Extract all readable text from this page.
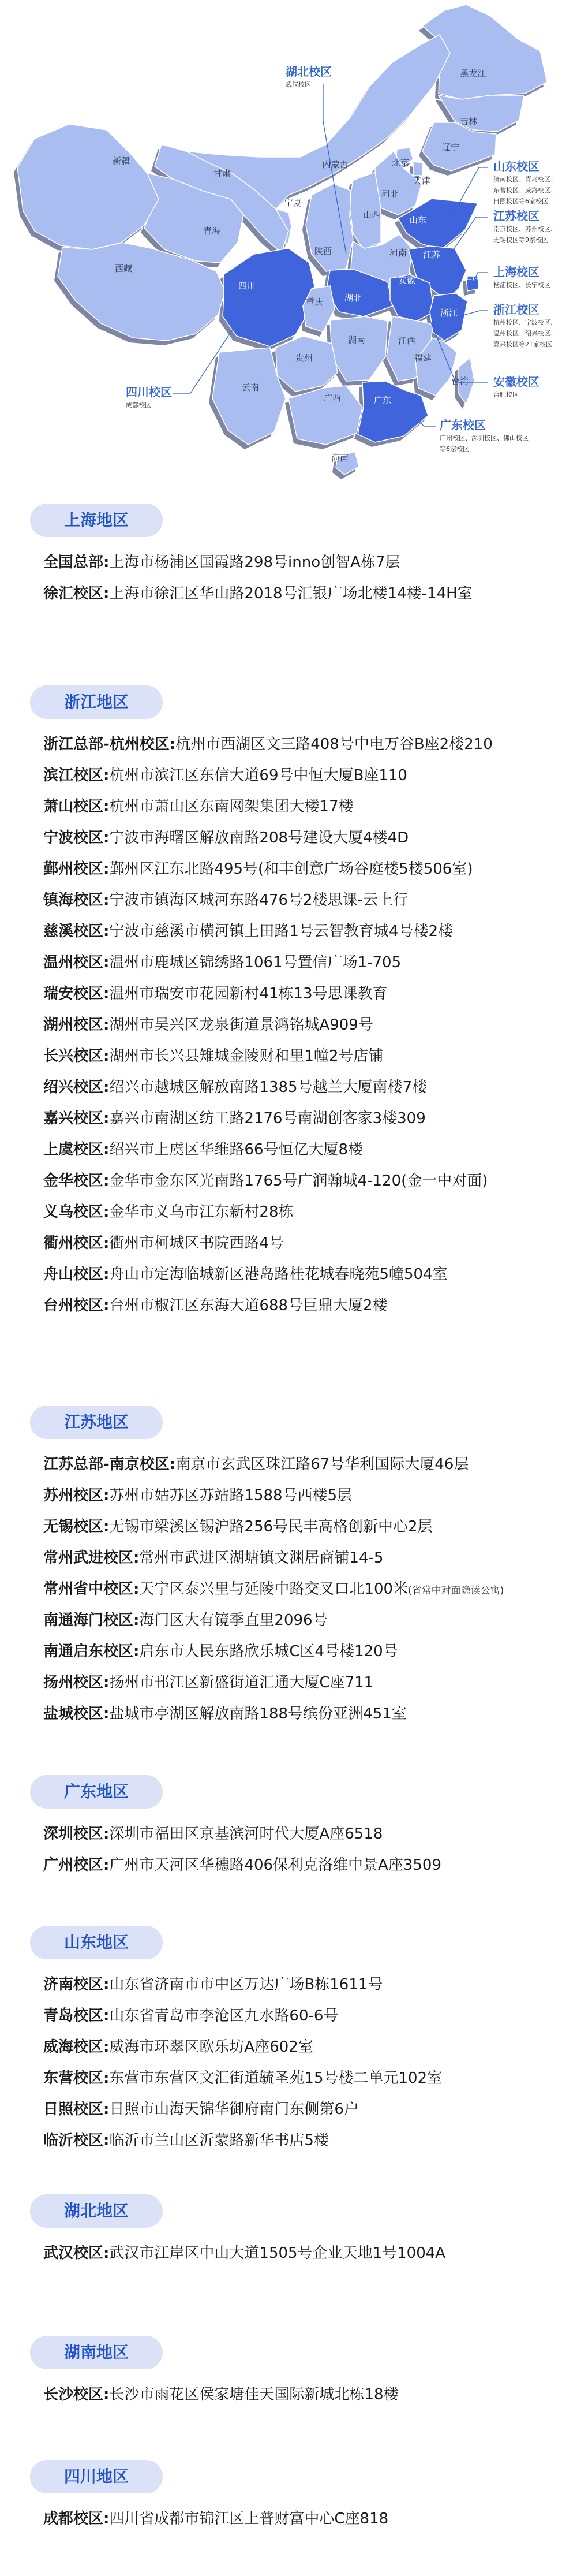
黑龙江
吉林
辽宁
内蒙古	北京
天津
河北
山西	山东
宁夏
陕西	河南 江苏
甘肃
青海
湖北
安徽	上海
新疆
西藏
四川
重庆
湖南	江西
浙江
贵州	福建
云南
广西	广东
台湾
海南
湖北校区
武汉校区
山东校区
济南校区、青岛校区、
东营校区、威海校区、
日照校区等6家校区
江苏校区
南京校区、苏州校区、
无锡校区等9家校区
上海校区
杨浦校区、长宁校区
浙江校区
杭州校区、宁波校区、
温州校区、绍兴校区、
嘉兴校区等21家校区
安徽校区
合肥校区
广东校区
广州校区、深圳校区、佛山校区
等6家校区
四川校区
成都校区
上海地区
全国总部:上海市杨浦区国霞路298号inno创智A栋7层
徐汇校区:上海市徐汇区华山路2018号汇银广场北楼14楼-14H室
浙江地区
浙江总部-杭州校区:杭州市西湖区文三路408号中电万谷B座2楼210
滨江校区:杭州市滨江区东信大道69号中恒大厦B座110
萧山校区:杭州市萧山区东南网架集团大楼17楼
宁波校区:宁波市海曙区解放南路208号建设大厦4楼4D
鄞州校区:鄞州区江东北路495号(和丰创意广场谷庭楼5楼506室)
镇海校区:宁波市镇海区城河东路476号2楼思课-云上行
慈溪校区:宁波市慈溪市横河镇上田路1号云智教育城4号楼2楼
温州校区:温州市鹿城区锦绣路1061号置信广场1-705
瑞安校区:温州市瑞安市花园新村41栋13号思课教育
湖州校区:湖州市吴兴区龙泉街道景鸿铭城A909号
长兴校区:湖州市长兴县雉城金陵财和里1幢2号店铺
绍兴校区:绍兴市越城区解放南路1385号越兰大厦南楼7楼
嘉兴校区:嘉兴市南湖区纺工路2176号南湖创客家3楼309
上虞校区:绍兴市上虞区华维路66号恒亿大厦8楼
金华校区:金华市金东区光南路1765号广润翰城4-120(金一中对面)
义乌校区:金华市义乌市江东新村28栋
衢州校区:衢州市柯城区书院西路4号
舟山校区:舟山市定海临城新区港岛路桂花城春晓苑5幢504室
台州校区:台州市椒江区东海大道688号巨鼎大厦2楼
江苏地区
江苏总部-南京校区:南京市玄武区珠江路67号华利国际大厦46层
苏州校区:苏州市姑苏区苏站路1588号西楼5层
无锡校区:无锡市梁溪区锡沪路256号民丰高格创新中心2层
常州武进校区:常州市武进区湖塘镇文渊居商铺14-5
常州省中校区:天宁区泰兴里与延陵中路交叉口北100米(省常中对面隐读公寓)
南通海门校区:海门区大有镜季直里2096号
南通启东校区:启东市人民东路欣乐城C区4号楼120号
扬州校区:扬州市邗江区新盛街道汇通大厦C座711
盐城校区:盐城市亭湖区解放南路188号缤份亚洲451室
广东地区
深圳校区:深圳市福田区京基滨河时代大厦A座6518
广州校区:广州市天河区华穗路406保利克洛维中景A座3509
山东地区
济南校区:山东省济南市市中区万达广场B栋1611号
青岛校区:山东省青岛市李沧区九水路60-6号
威海校区:威海市环翠区欧乐坊A座602室
东营校区:东营市东营区文汇街道毓圣苑15号楼二单元102室
日照校区:日照市山海天锦华御府南门东侧第6户
临沂校区:临沂市兰山区沂蒙路新华书店5楼
湖北地区
武汉校区:武汉市江岸区中山大道1505号企业天地1号1004A
湖南地区
长沙校区:长沙市雨花区侯家塘佳天国际新城北栋18楼
四川地区
成都校区:四川省成都市锦江区上普财富中心C座818
